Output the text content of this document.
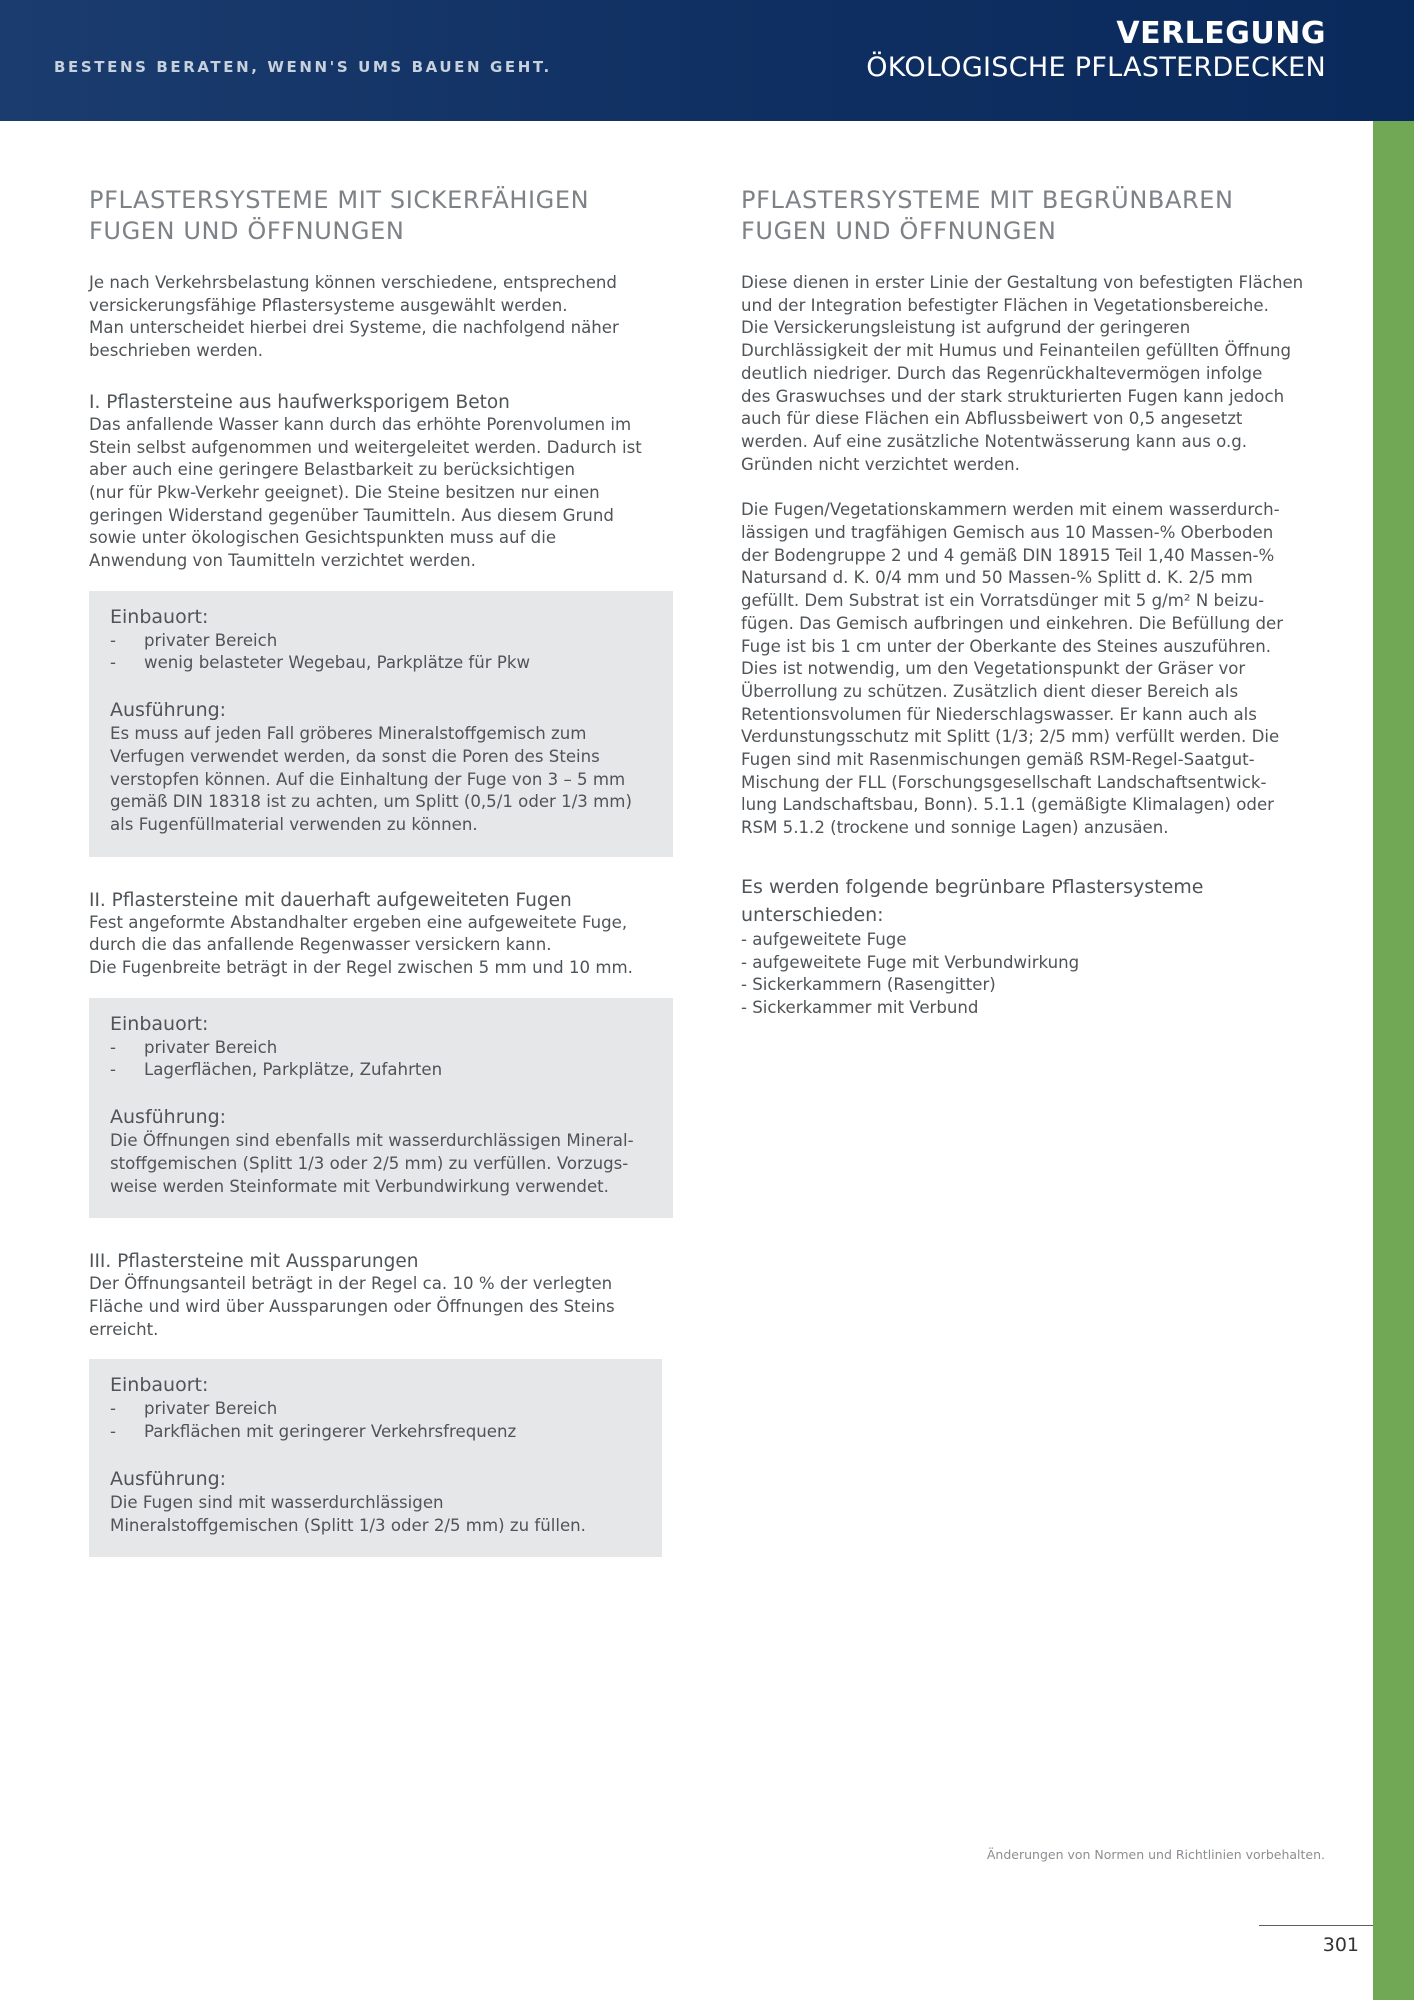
BESTENS BERATEN, WENN'S UMS BAUEN GEHT.
VERLEGUNG
ÖKOLOGISCHE PFLASTERDECKEN
PFLASTERSYSTEME MIT SICKERFÄHIGEN
FUGEN UND ÖFFNUNGEN

Je nach Verkehrsbelastung können verschiedene, entsprechend
versickerungsfähige Pflastersysteme ausgewählt werden.
Man unterscheidet hierbei drei Systeme, die nachfolgend näher
beschrieben werden.

I. Pflastersteine aus haufwerksporigem Beton

Das anfallende Wasser kann durch das erhöhte Porenvolumen im
Stein selbst aufgenommen und weitergeleitet werden. Dadurch ist
aber auch eine geringere Belastbarkeit zu berücksichtigen
(nur für Pkw-Verkehr geeignet). Die Steine besitzen nur einen
geringen Widerstand gegenüber Taumitteln. Aus diesem Grund
sowie unter ökologischen Gesichtspunkten muss auf die
Anwendung von Taumitteln verzichtet werden.

Einbauort:
- privater Bereich
- wenig belasteter Wegebau, Parkplätze für Pkw
Ausführung:

Es muss auf jeden Fall gröberes Mineralstoffgemisch zum
Verfugen verwendet werden, da sonst die Poren des Steins
verstopfen können. Auf die Einhaltung der Fuge von 3 – 5 mm
gemäß DIN 18318 ist zu achten, um Splitt (0,5/1 oder 1/3 mm)
als Fugenfüllmaterial verwenden zu können.

II. Pflastersteine mit dauerhaft aufgeweiteten Fugen

Fest angeformte Abstandhalter ergeben eine aufgeweitete Fuge,
durch die das anfallende Regenwasser versickern kann.
Die Fugenbreite beträgt in der Regel zwischen 5 mm und 10 mm.

Einbauort:
- privater Bereich
- Lagerflächen, Parkplätze, Zufahrten
Ausführung:

Die Öffnungen sind ebenfalls mit wasserdurchlässigen Mineral-
stoffgemischen (Splitt 1/3 oder 2/5 mm) zu verfüllen. Vorzugs-
weise werden Steinformate mit Verbundwirkung verwendet.

III. Pflastersteine mit Aussparungen

Der Öffnungsanteil beträgt in der Regel ca. 10 % der verlegten
Fläche und wird über Aussparungen oder Öffnungen des Steins
erreicht.

Einbauort:
- privater Bereich
- Parkflächen mit geringerer Verkehrsfrequenz
Ausführung:

Die Fugen sind mit wasserdurchlässigen
Mineralstoffgemischen (Splitt 1/3 oder 2/5 mm) zu füllen.

PFLASTERSYSTEME MIT BEGRÜNBAREN
FUGEN UND ÖFFNUNGEN

Diese dienen in erster Linie der Gestaltung von befestigten Flächen
und der Integration befestigter Flächen in Vegetationsbereiche.
Die Versickerungsleistung ist aufgrund der geringeren
Durchlässigkeit der mit Humus und Feinanteilen gefüllten Öffnung
deutlich niedriger. Durch das Regenrückhaltevermögen infolge
des Graswuchses und der stark strukturierten Fugen kann jedoch
auch für diese Flächen ein Abflussbeiwert von 0,5 angesetzt
werden. Auf eine zusätzliche Notentwässerung kann aus o.g.
Gründen nicht verzichtet werden.

Die Fugen/Vegetationskammern werden mit einem wasserdurch-
lässigen und tragfähigen Gemisch aus 10 Massen-% Oberboden
der Bodengruppe 2 und 4 gemäß DIN 18915 Teil 1,40 Massen-%
Natursand d. K. 0/4 mm und 50 Massen-% Splitt d. K. 2/5 mm
gefüllt. Dem Substrat ist ein Vorratsdünger mit 5 g/m² N beizu-
fügen. Das Gemisch aufbringen und einkehren. Die Befüllung der
Fuge ist bis 1 cm unter der Oberkante des Steines auszuführen.
Dies ist notwendig, um den Vegetationspunkt der Gräser vor
Überrollung zu schützen. Zusätzlich dient dieser Bereich als
Retentionsvolumen für Niederschlagswasser. Er kann auch als
Verdunstungsschutz mit Splitt (1/3; 2/5 mm) verfüllt werden. Die
Fugen sind mit Rasenmischungen gemäß RSM-Regel-Saatgut-
Mischung der FLL (Forschungsgesellschaft Landschaftsentwick-
lung Landschaftsbau, Bonn). 5.1.1 (gemäßigte Klimalagen) oder
RSM 5.1.2 (trockene und sonnige Lagen) anzusäen.

Es werden folgende begrünbare Pflastersysteme
unterschieden:

- aufgeweitete Fuge

- aufgeweitete Fuge mit Verbundwirkung

- Sickerkammern (Rasengitter)

- Sickerkammer mit Verbund

Änderungen von Normen und Richtlinien vorbehalten.
301
